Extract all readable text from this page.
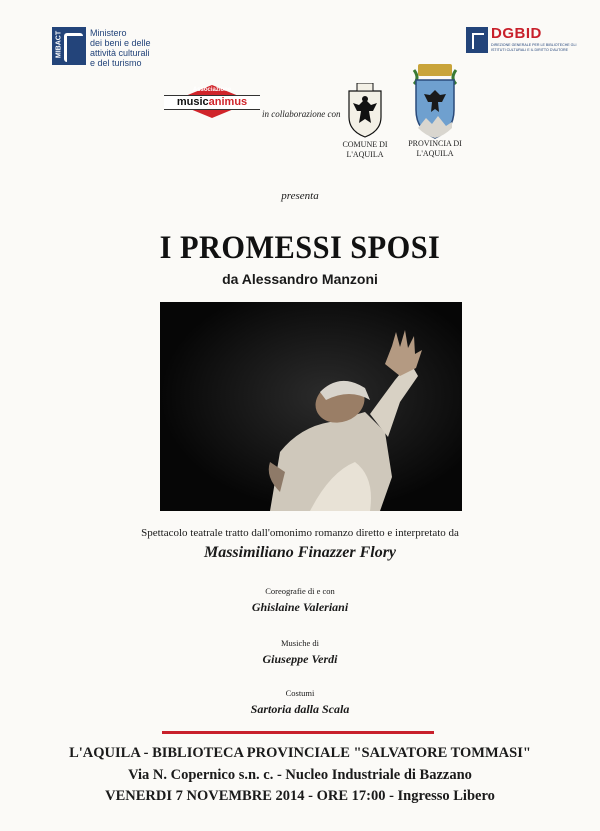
MIBACT	Ministero
dei beni e delle
attività culturali
e del turismo
DGBID
DIREZIONE GENERALE PER LE BIBLIOTECHE GLI ISTITUTI CULTURALI E IL DIRITTO D'AUTORE
Associazione
musicanimus
in collaborazione con
COMUNE DI
L'AQUILA
PROVINCIA DI
L'AQUILA
presenta
I PROMESSI SPOSI
da Alessandro Manzoni
Spettacolo teatrale tratto dall'omonimo romanzo diretto e interpretato da
Massimiliano Finazzer Flory
Coreografie di e con
Ghislaine Valeriani
Musiche di
Giuseppe Verdi
Costumi
Sartoria dalla Scala
L'AQUILA - BIBLIOTECA PROVINCIALE "SALVATORE TOMMASI"
Via N. Copernico s.n. c. - Nucleo Industriale di Bazzano
VENERDI 7 NOVEMBRE 2014 - ORE 17:00 - Ingresso Libero
